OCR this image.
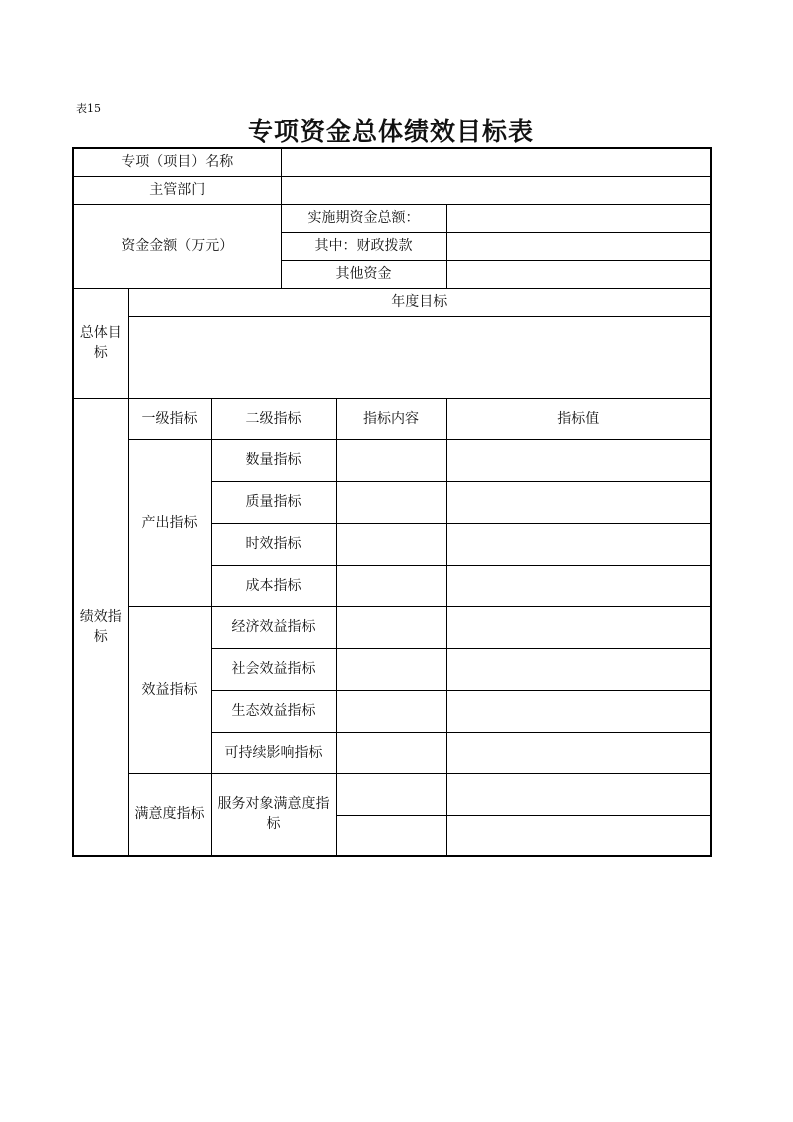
表15
专项资金总体绩效目标表
专项（项目）名称					
主管部门					
资金金额（万元）			实施期资金总额：		
			其中：财政拨款		
			其他资金		
总体目标	年度目标				

绩效指标	一级指标	二级指标		指标内容	指标值
	产出指标	数量指标			
		质量指标			
		时效指标			
		成本指标			
	效益指标	经济效益指标			
		社会效益指标			
		生态效益指标			
		可持续影响指标			
	满意度指标	服务对象满意度指标			
